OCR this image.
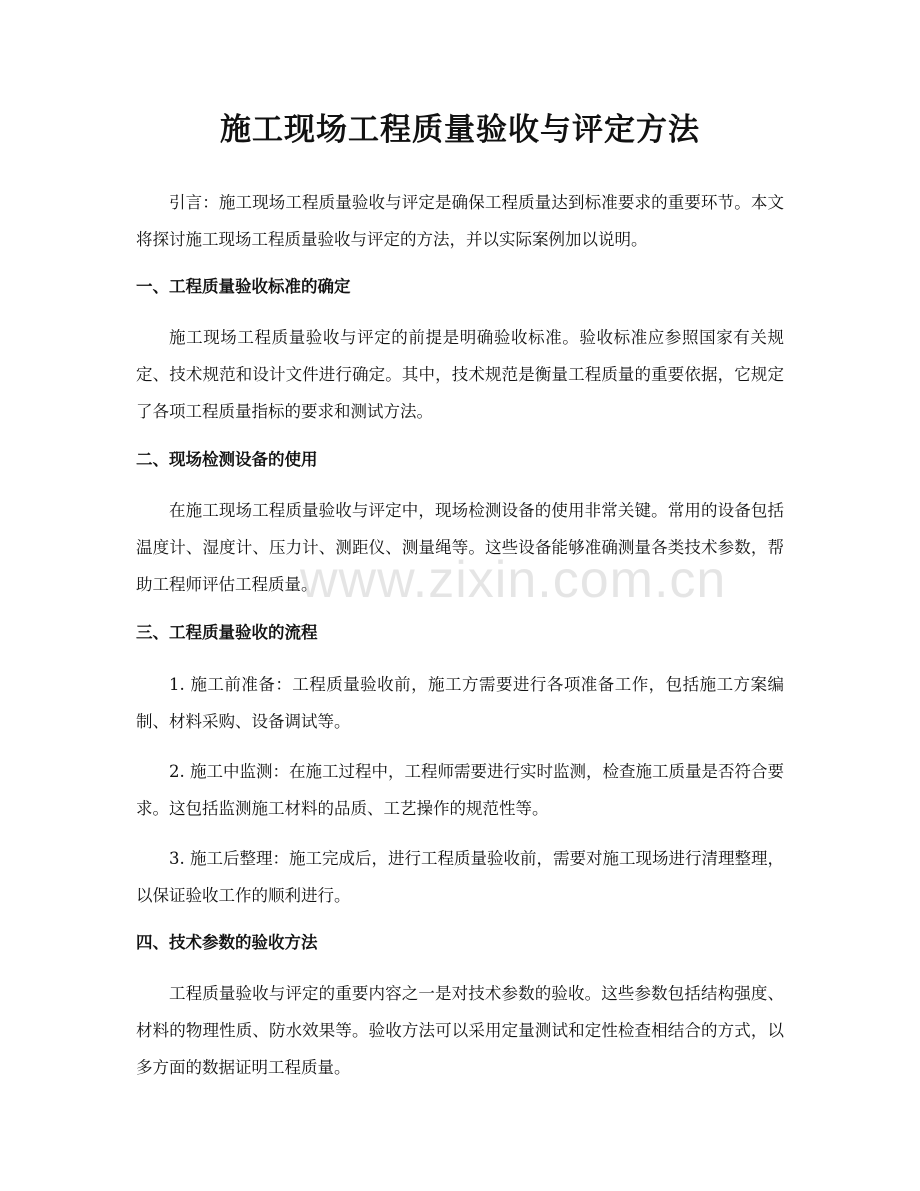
施工现场工程质量验收与评定方法

引言：施工现场工程质量验收与评定是确保工程质量达到标准要求的重要环节。本文将探讨施工现场工程质量验收与评定的方法，并以实际案例加以说明。

一、工程质量验收标准的确定

施工现场工程质量验收与评定的前提是明确验收标准。验收标准应参照国家有关规定、技术规范和设计文件进行确定。其中，技术规范是衡量工程质量的重要依据，它规定了各项工程质量指标的要求和测试方法。

二、现场检测设备的使用

在施工现场工程质量验收与评定中，现场检测设备的使用非常关键。常用的设备包括温度计、湿度计、压力计、测距仪、测量绳等。这些设备能够准确测量各类技术参数，帮助工程师评估工程质量。

三、工程质量验收的流程

1. 施工前准备：工程质量验收前，施工方需要进行各项准备工作，包括施工方案编制、材料采购、设备调试等。

2. 施工中监测：在施工过程中，工程师需要进行实时监测，检查施工质量是否符合要求。这包括监测施工材料的品质、工艺操作的规范性等。

3. 施工后整理：施工完成后，进行工程质量验收前，需要对施工现场进行清理整理，以保证验收工作的顺利进行。

四、技术参数的验收方法

工程质量验收与评定的重要内容之一是对技术参数的验收。这些参数包括结构强度、材料的物理性质、防水效果等。验收方法可以采用定量测试和定性检查相结合的方式，以多方面的数据证明工程质量。

www.zixin.com.cn
